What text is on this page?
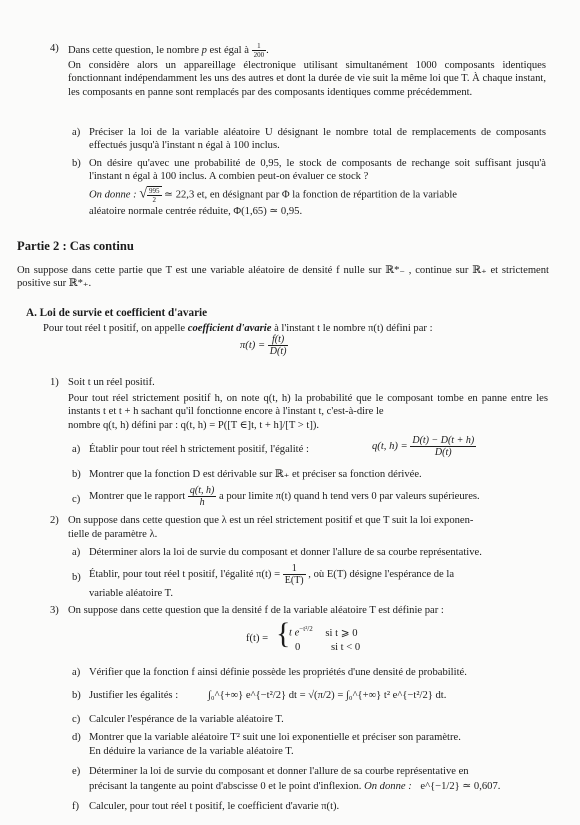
4) Dans cette question, le nombre p est égal à $\frac{1}{200}$ .
On considère alors un appareillage électronique utilisant simultanément 1000 composants identiques fonctionnant indépendamment les uns des autres et dont la durée de vie suit la même loi que T. À chaque instant, les composants en panne sont remplacés par des composants identiques comme précédemment.
a) Préciser la loi de la variable aléatoire U désignant le nombre total de remplacements de composants effectués jusqu'à l'instant n égal à 100 inclus.
b) On désire qu'avec une probabilité de 0,95, le stock de composants de rechange soit suffisant jusqu'à l'instant n égal à 100 inclus. A combien peut-on évaluer ce stock ?
On donne : √ $\frac{995}{2}$ ≃ 22,3 et, en désignant par Φ la fonction de répartition de la variable
aléatoire normale centrée réduite, Φ(1,65) ≃ 0,95.
Partie 2 : Cas continu
On suppose dans cette partie que T est une variable aléatoire de densité f nulle sur ℝ*₋ , continue sur ℝ₊ et strictement positive sur ℝ*₊.
A. Loi de survie et coefficient d'avarie
Pour tout réel t positif, on appelle coefficient d'avarie à l'instant t le nombre π(t) défini par :
$\pi(t) = \frac{f(t)}{D(t)}$
1) Soit t un réel positif.
Pour tout réel strictement positif h, on note q(t, h) la probabilité que le composant tombe en panne entre les instants t et t + h sachant qu'il fonctionne encore à l'instant t, c'est-à-dire le
nombre q(t, h) défini par : q(t, h) = P([T ∈]t, t + h]/[T > t]).
a) Établir pour tout réel h strictement positif, l'égalité :	q(t, $h) = \frac{D(t) - D(t + h)}{D(t)}$
b) Montrer que la fonction D est dérivable sur ℝ₊ et préciser sa fonction dérivée.
c) Montrer que le rapport $\frac{q(t, h)}{h}$ a pour limite π(t) quand h tend vers 0 par valeurs supérieures.
2) On suppose dans cette question que λ est un réel strictement positif et que T suit la loi exponen-
tielle de paramètre λ.
a) Déterminer alors la loi de survie du composant et donner l'allure de sa courbe représentative.
b) Établir, pour tout réel t positif, l'égalité $\pi(t) = \frac{1}{E(T)}$ , où E(T) désigne l'espérance de la
variable aléatoire T.
3) On suppose dans cette question que la densité f de la variable aléatoire T est définie par :
f(t) = {
t $e^{-t^2/2}$ si t ⩾ 0
0	si t < 0
a) Vérifier que la fonction f ainsi définie possède les propriétés d'une densité de probabilité.
b) Justifier les égalités :	∫₀^{+∞} e^{−t²/2} dt = √(π/2) = ∫₀^{+∞} t² e^{−t²/2} dt.
c) Calculer l'espérance de la variable aléatoire T.
d) Montrer que la variable aléatoire T² suit une loi exponentielle et préciser son paramètre.
En déduire la variance de la variable aléatoire T.
e) Déterminer la loi de survie du composant et donner l'allure de sa courbe représentative en
précisant la tangente au point d'abscisse 0 et le point d'inflexion. On donne : e^{−1/2} ≃ 0,607.
f) Calculer, pour tout réel t positif, le coefficient d'avarie π(t).
